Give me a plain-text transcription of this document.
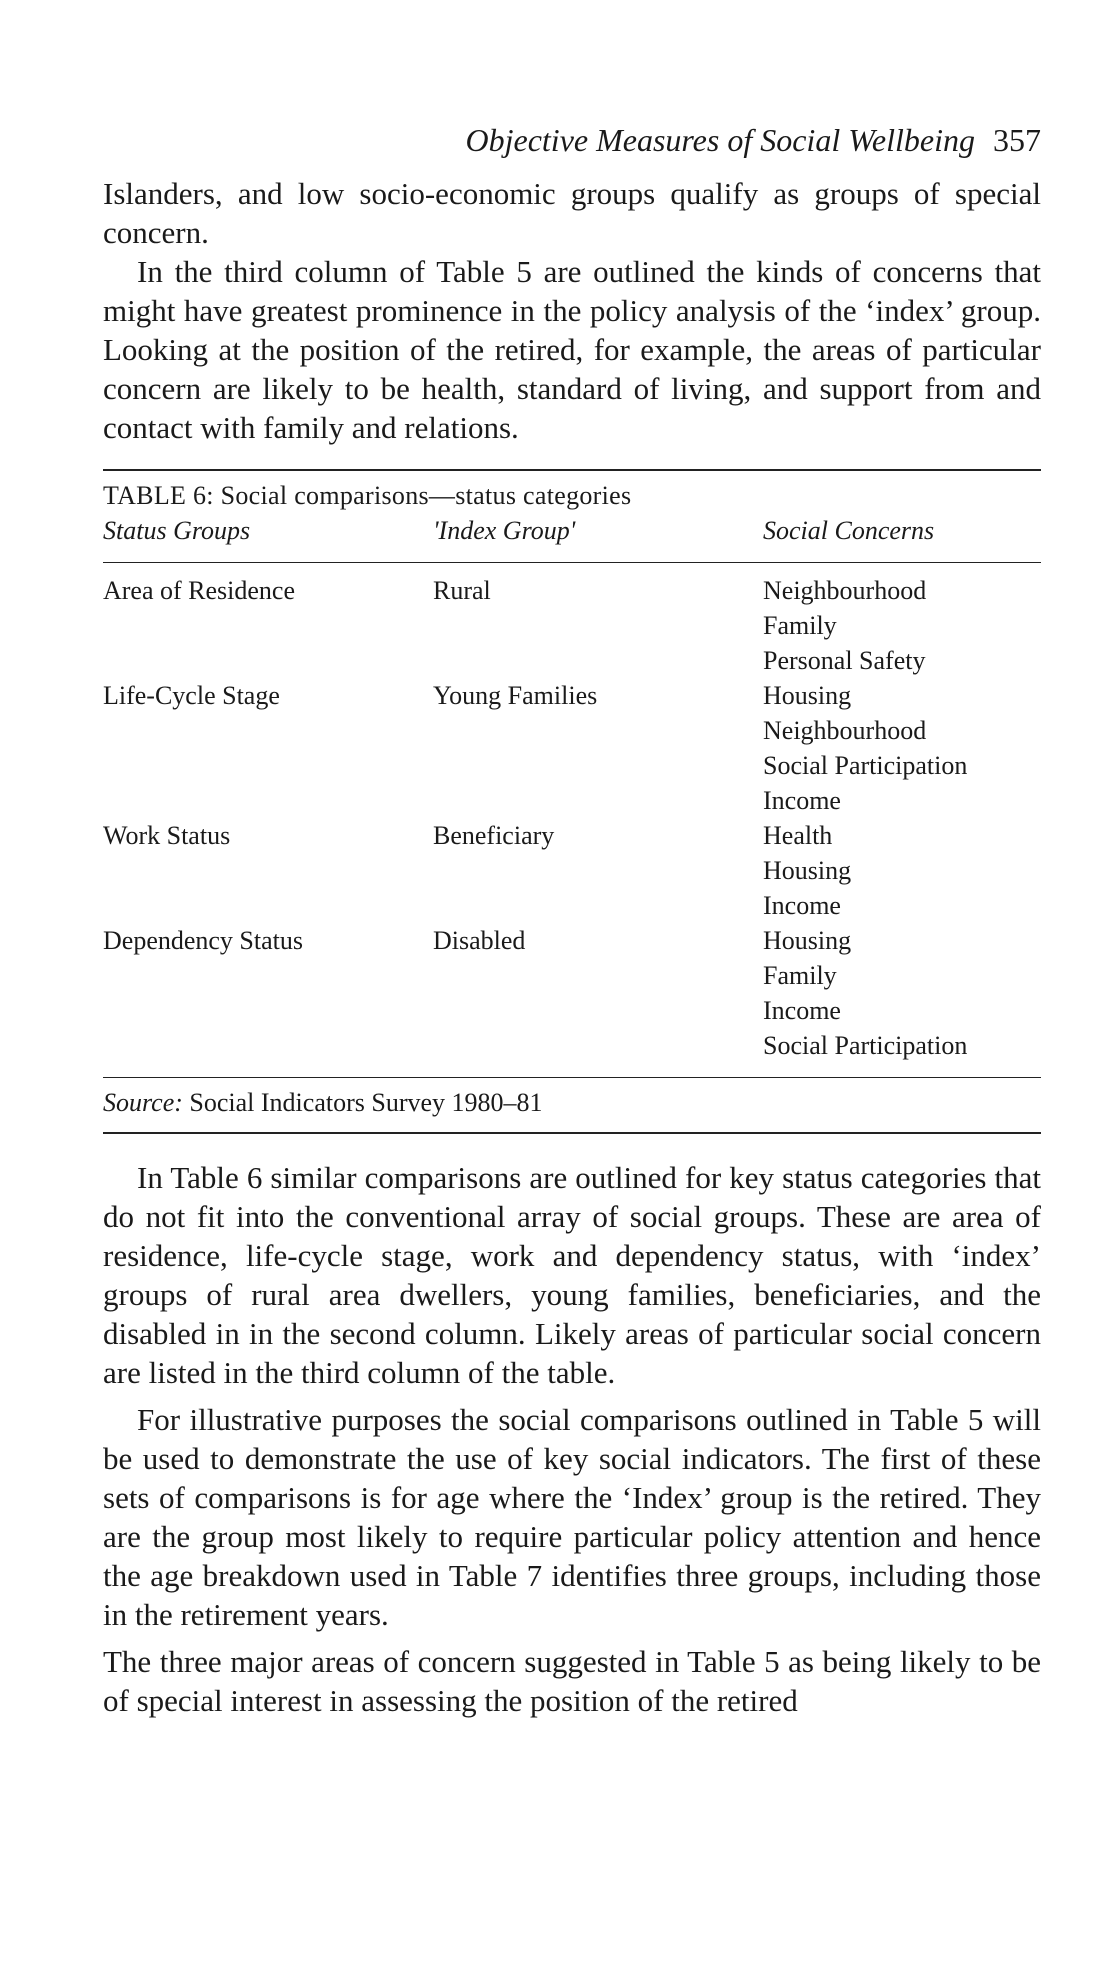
Objective Measures of Social Wellbeing 357

Islanders, and low socio-economic groups qualify as groups of special concern.

In the third column of Table 5 are outlined the kinds of concerns that might have greatest prominence in the policy analysis of the ‘index’ group. Looking at the position of the retired, for example, the areas of particular concern are likely to be health, standard of living, and support from and contact with family and relations.

TABLE 6: Social comparisons—status categories
Status Groups	'Index Group'	Social Concerns
Area of Residence	Rural	Neighbourhood
Family
Personal Safety
Life-Cycle Stage	Young Families	Housing
Neighbourhood
Social Participation
Income
Work Status	Beneficiary	Health
Housing
Income
Dependency Status	Disabled	Housing
Family
Income
Social Participation
Source: Social Indicators Survey 1980–81

In Table 6 similar comparisons are outlined for key status categories that do not fit into the conventional array of social groups. These are area of residence, life-cycle stage, work and dependency status, with ‘index’ groups of rural area dwellers, young families, beneficiaries, and the disabled in in the second column. Likely areas of particular social concern are listed in the third column of the table.

For illustrative purposes the social comparisons outlined in Table 5 will be used to demonstrate the use of key social indicators. The first of these sets of comparisons is for age where the ‘Index’ group is the retired. They are the group most likely to require particular policy attention and hence the age breakdown used in Table 7 identifies three groups, including those in the retirement years.

The three major areas of concern suggested in Table 5 as being likely to be of special interest in assessing the position of the retired
